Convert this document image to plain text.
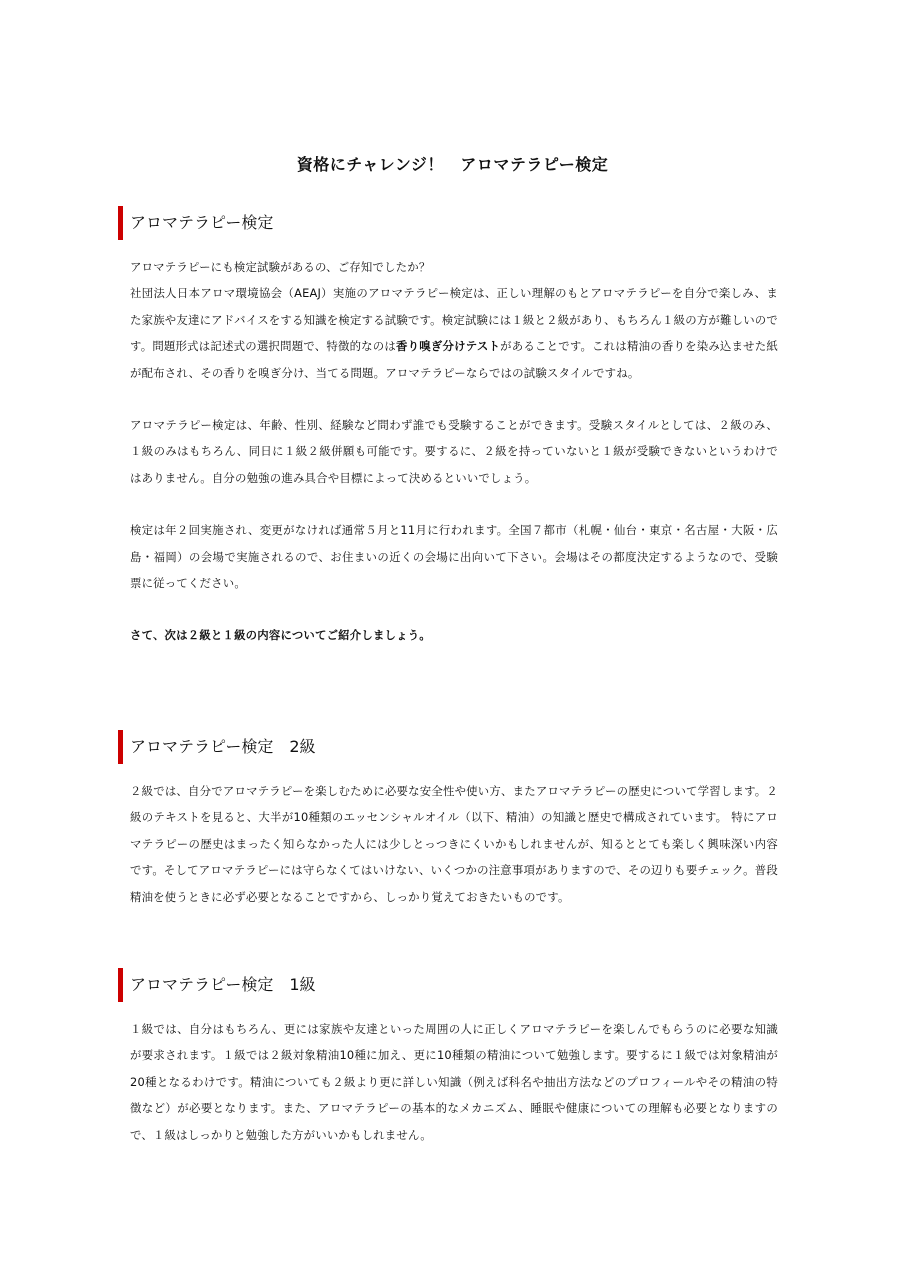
資格にチャレンジ！　アロマテラピー検定
アロマテラピー検定

アロマテラピーにも検定試験があるの、ご存知でしたか？

社団法人日本アロマ環境協会（AEAJ）実施のアロマテラピー検定は、正しい理解のもとアロマテラピーを自分で楽しみ、また家族や友達にアドバイスをする知識を検定する試験です。検定試験には１級と２級があり、もちろん１級の方が難しいのです。問題形式は記述式の選択問題で、特徴的なのは香り嗅ぎ分けテストがあることです。これは精油の香りを染み込ませた紙が配布され、その香りを嗅ぎ分け、当てる問題。アロマテラピーならではの試験スタイルですね。

アロマテラピー検定は、年齢、性別、経験など問わず誰でも受験することができます。受験スタイルとしては、２級のみ、１級のみはもちろん、同日に１級２級併願も可能です。要するに、２級を持っていないと１級が受験できないというわけではありません。自分の勉強の進み具合や目標によって決めるといいでしょう。

検定は年２回実施され、変更がなければ通常５月と11月に行われます。全国７都市（札幌・仙台・東京・名古屋・大阪・広島・福岡）の会場で実施されるので、お住まいの近くの会場に出向いて下さい。会場はその都度決定するようなので、受験票に従ってください。

さて、次は２級と１級の内容についてご紹介しましょう。

アロマテラピー検定　2級

２級では、自分でアロマテラピーを楽しむために必要な安全性や使い方、またアロマテラピーの歴史について学習します。２級のテキストを見ると、大半が10種類のエッセンシャルオイル（以下、精油）の知識と歴史で構成されています。 特にアロマテラピーの歴史はまったく知らなかった人には少しとっつきにくいかもしれませんが、知るととても楽しく興味深い内容です。そしてアロマテラピーには守らなくてはいけない、いくつかの注意事項がありますので、その辺りも要チェック。普段精油を使うときに必ず必要となることですから、しっかり覚えておきたいものです。

アロマテラピー検定　1級

１級では、自分はもちろん、更には家族や友達といった周囲の人に正しくアロマテラピーを楽しんでもらうのに必要な知識が要求されます。１級では２級対象精油10種に加え、更に10種類の精油について勉強します。要するに１級では対象精油が20種となるわけです。精油についても２級より更に詳しい知識（例えば科名や抽出方法などのプロフィールやその精油の特徴など）が必要となります。また、アロマテラピーの基本的なメカニズム、睡眠や健康についての理解も必要となりますので、１級はしっかりと勉強した方がいいかもしれません。
